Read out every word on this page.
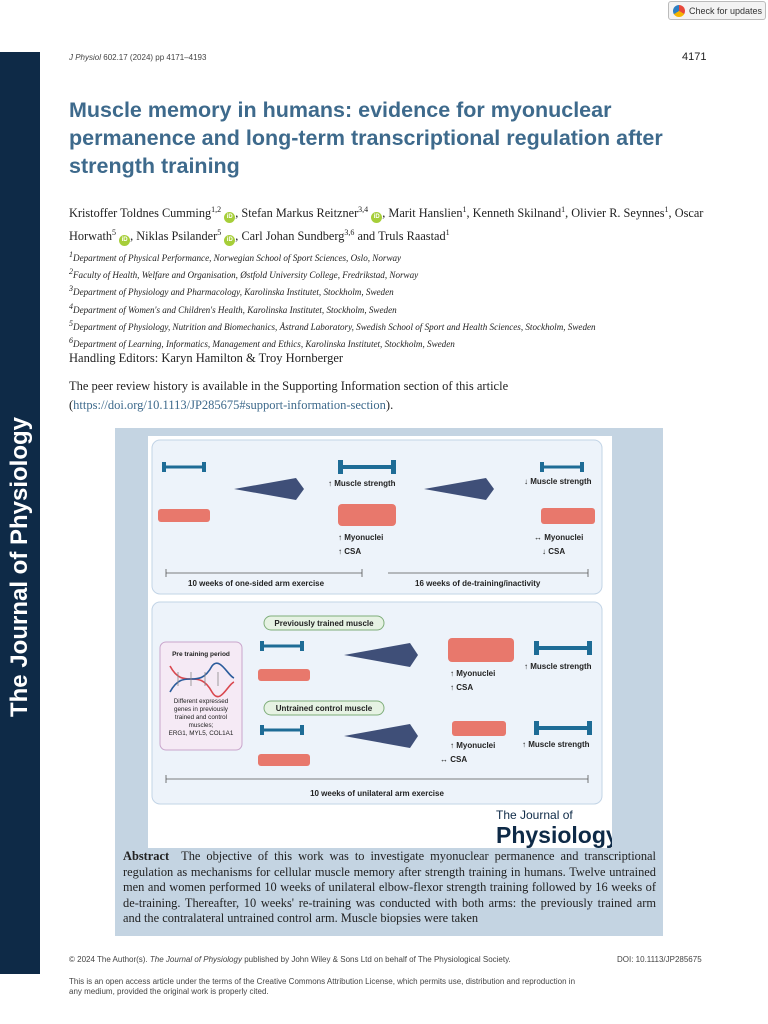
The Journal of Physiology
Check for updates
J Physiol 602.17 (2024) pp 4171–4193	4171
Muscle memory in humans: evidence for myonuclear permanence and long-term transcriptional regulation after strength training
Kristoffer Toldnes Cumming$^{1,2}$ iD , Stefan Markus Reitzner$^{3,4}$ iD , Marit Hanslien$^1$, Kenneth Skilnand$^1$, Olivier R. Seynnes$^1$, Oscar Horwath$^5$ iD , Niklas Psilander$^5$ iD , Carl Johan Sundberg$^{3,6}$ and Truls Raastad$^1$
$^1$Department of Physical Performance, Norwegian School of Sport Sciences, Oslo, Norway
$^2$Faculty of Health, Welfare and Organisation, Østfold University College, Fredrikstad, Norway
$^3$Department of Physiology and Pharmacology, Karolinska Institutet, Stockholm, Sweden
$^4$Department of Women's and Children's Health, Karolinska Institutet, Stockholm, Sweden
$^5$Department of Physiology, Nutrition and Biomechanics, Åstrand Laboratory, Swedish School of Sport and Health Sciences, Stockholm, Sweden
$^6$Department of Learning, Informatics, Management and Ethics, Karolinska Institutet, Stockholm, Sweden
Handling Editors: Karyn Hamilton & Troy Hornberger
The peer review history is available in the Supporting Information section of this article
(https://doi.org/10.1113/JP285675#support-information-section).
↑ Muscle strength	↓ Muscle strength
↑ Myonuclei
↑ CSA
↔ Myonuclei
↓ CSA
10 weeks of one-sided arm exercise	16 weeks of de-training/inactivity
Previously trained muscle
Untrained control muscle
Pre training period
Different expressed genes in previously trained and control muscles; ERG1, MYL5, COL1A1
↑ Myonuclei
↑ CSA
↑ Myonuclei
↔ CSA
↑ Muscle strength
↑ Muscle strength
10 weeks of unilateral arm exercise
The Journal of
Physiology
Abstract The objective of this work was to investigate myonuclear permanence and transcriptional regulation as mechanisms for cellular muscle memory after strength training in humans. Twelve untrained men and women performed 10 weeks of unilateral elbow-flexor strength training followed by 16 weeks of de-training. Thereafter, 10 weeks' re-training was conducted with both arms: the previously trained arm and the contralateral untrained control arm. Muscle biopsies were taken
© 2024 The Author(s). The Journal of Physiology published by John Wiley & Sons Ltd on behalf of The Physiological Society.	DOI: 10.1113/JP285675
This is an open access article under the terms of the Creative Commons Attribution License, which permits use, distribution and reproduction in any medium, provided the original work is properly cited.
